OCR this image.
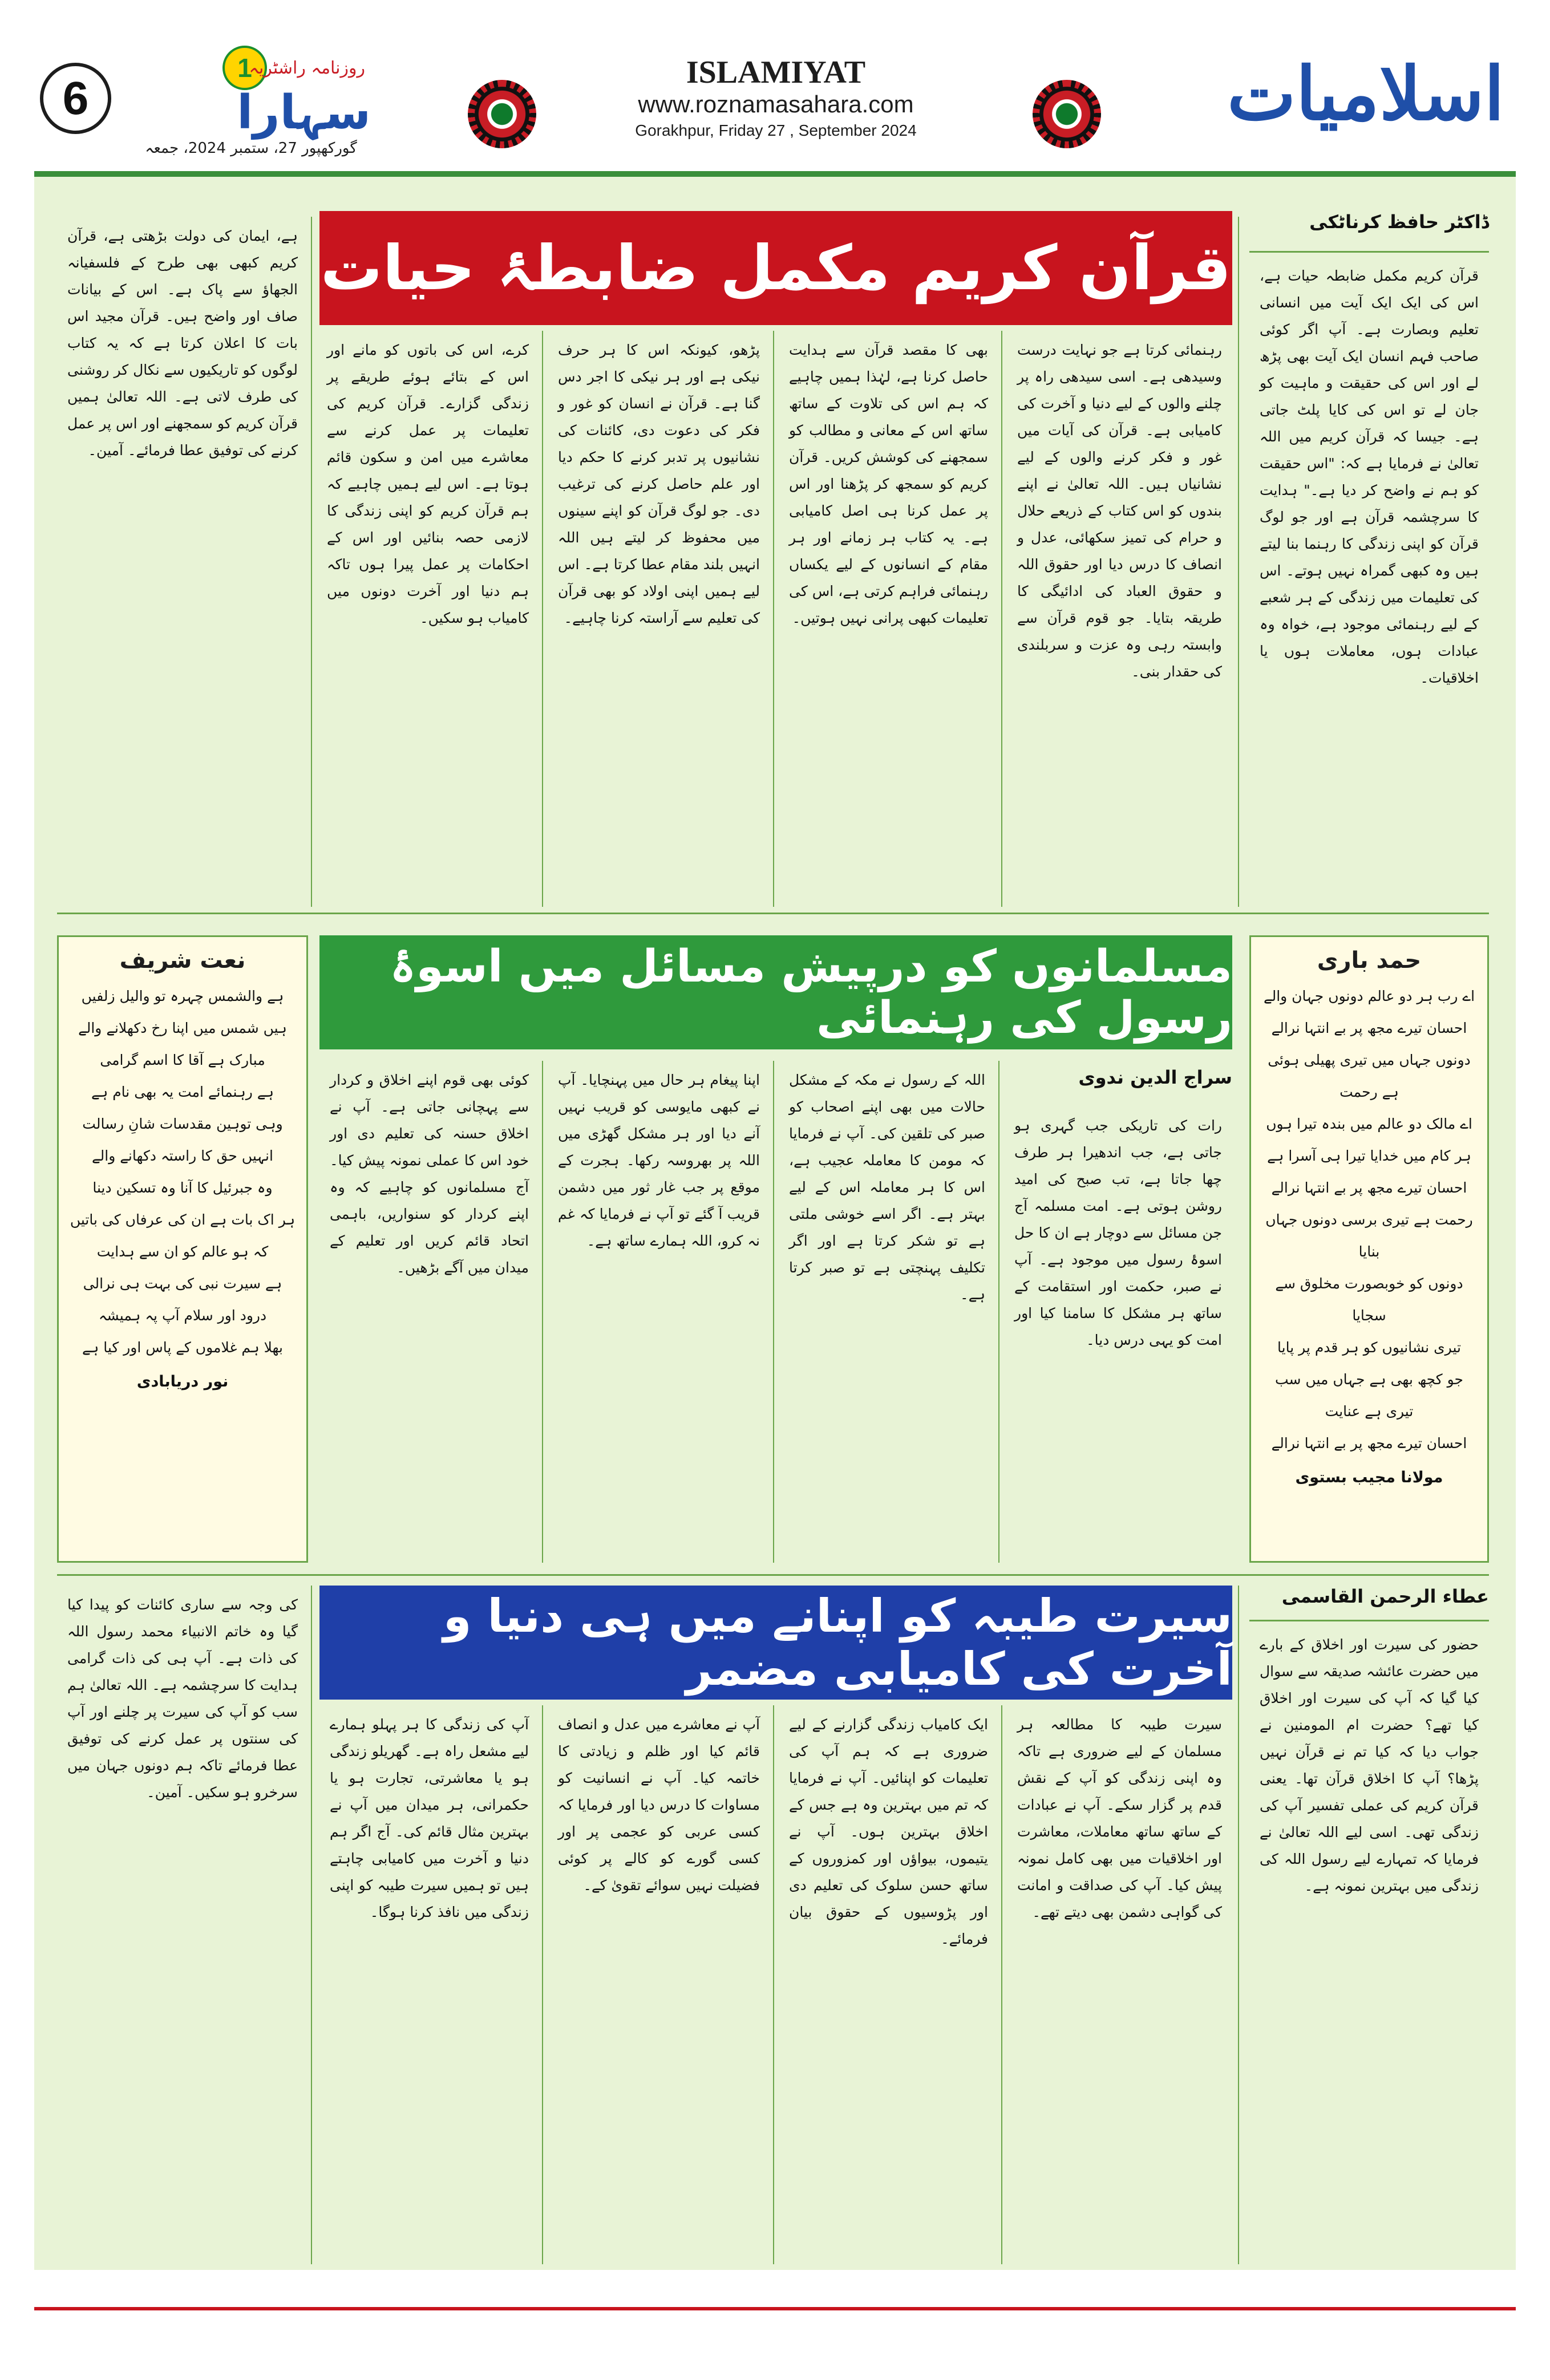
6
1
روزنامہ راشٹریہ
سہارا
گورکھپور 27، ستمبر 2024، جمعہ
ISLAMIYAT
www.roznamasahara.com
Gorakhpur, Friday 27 , September 2024	اسلامیات
ڈاکٹر حافظ کرناٹکی
قرآن کریم مکمل ضابطۂ حیات	قرآن کریم مکمل ضابطہ حیات ہے، اس کی ایک ایک آیت میں انسانی تعلیم وبصارت ہے۔ آپ اگر کوئی صاحب فہم انسان ایک آیت بھی پڑھ لے اور اس کی حقیقت و ماہیت کو جان لے تو اس کی کایا پلٹ جاتی ہے۔ جیسا کہ قرآن کریم میں اللہ تعالیٰ نے فرمایا ہے کہ: "اس حقیقت کو ہم نے واضح کر دیا ہے۔" ہدایت کا سرچشمہ قرآن ہے اور جو لوگ قرآن کو اپنی زندگی کا رہنما بنا لیتے ہیں وہ کبھی گمراہ نہیں ہوتے۔ اس کی تعلیمات میں زندگی کے ہر شعبے کے لیے رہنمائی موجود ہے، خواہ وہ عبادات ہوں، معاملات ہوں یا اخلاقیات۔
رہنمائی کرتا ہے جو نہایت درست وسیدھی ہے۔ اسی سیدھی راہ پر چلنے والوں کے لیے دنیا و آخرت کی کامیابی ہے۔ قرآن کی آیات میں غور و فکر کرنے والوں کے لیے نشانیاں ہیں۔ اللہ تعالیٰ نے اپنے بندوں کو اس کتاب کے ذریعے حلال و حرام کی تمیز سکھائی، عدل و انصاف کا درس دیا اور حقوق اللہ و حقوق العباد کی ادائیگی کا طریقہ بتایا۔ جو قوم قرآن سے وابستہ رہی وہ عزت و سربلندی کی حقدار بنی۔
بھی کا مقصد قرآن سے ہدایت حاصل کرنا ہے، لہٰذا ہمیں چاہیے کہ ہم اس کی تلاوت کے ساتھ ساتھ اس کے معانی و مطالب کو سمجھنے کی کوشش کریں۔ قرآن کریم کو سمجھ کر پڑھنا اور اس پر عمل کرنا ہی اصل کامیابی ہے۔ یہ کتاب ہر زمانے اور ہر مقام کے انسانوں کے لیے یکساں رہنمائی فراہم کرتی ہے، اس کی تعلیمات کبھی پرانی نہیں ہوتیں۔
پڑھو، کیونکہ اس کا ہر حرف نیکی ہے اور ہر نیکی کا اجر دس گنا ہے۔ قرآن نے انسان کو غور و فکر کی دعوت دی، کائنات کی نشانیوں پر تدبر کرنے کا حکم دیا اور علم حاصل کرنے کی ترغیب دی۔ جو لوگ قرآن کو اپنے سینوں میں محفوظ کر لیتے ہیں اللہ انہیں بلند مقام عطا کرتا ہے۔ اس لیے ہمیں اپنی اولاد کو بھی قرآن کی تعلیم سے آراستہ کرنا چاہیے۔
کرے، اس کی باتوں کو مانے اور اس کے بتائے ہوئے طریقے پر زندگی گزارے۔ قرآن کریم کی تعلیمات پر عمل کرنے سے معاشرے میں امن و سکون قائم ہوتا ہے۔ اس لیے ہمیں چاہیے کہ ہم قرآن کریم کو اپنی زندگی کا لازمی حصہ بنائیں اور اس کے احکامات پر عمل پیرا ہوں تاکہ ہم دنیا اور آخرت دونوں میں کامیاب ہو سکیں۔
ہے، ایمان کی دولت بڑھتی ہے، قرآن کریم کبھی بھی طرح کے فلسفیانہ الجھاؤ سے پاک ہے۔ اس کے بیانات صاف اور واضح ہیں۔ قرآن مجید اس بات کا اعلان کرتا ہے کہ یہ کتاب لوگوں کو تاریکیوں سے نکال کر روشنی کی طرف لاتی ہے۔ اللہ تعالیٰ ہمیں قرآن کریم کو سمجھنے اور اس پر عمل کرنے کی توفیق عطا فرمائے۔ آمین۔
حمد باری
اے رب ہر دو عالم دونوں جہان والے
احسان تیرے مجھ پر بے انتہا نرالے
دونوں جہاں میں تیری پھیلی ہوئی ہے رحمت
اے مالک دو عالم میں بندہ تیرا ہوں
ہر کام میں خدایا تیرا ہی آسرا ہے
احسان تیرے مجھ پر بے انتہا نرالے
رحمت ہے تیری برسی دونوں جہاں بنایا
دونوں کو خوبصورت مخلوق سے سجایا
تیری نشانیوں کو ہر قدم پر پایا
جو کچھ بھی ہے جہاں میں سب تیری ہے عنایت
احسان تیرے مجھ پر بے انتہا نرالے
مولانا مجیب بستوی
نعت شریف
ہے والشمس چہرہ تو والیل زلفیں
ہیں شمس میں اپنا رخ دکھلانے والے
مبارک ہے آقا کا اسم گرامی
ہے رہنمائے امت یہ بھی نام ہے
وہی توہین مقدسات شانِ رسالت
انہیں حق کا راستہ دکھانے والے
وہ جبرئیل کا آنا وہ تسکین دینا
ہر اک بات ہے ان کی عرفاں کی باتیں
کہ ہو عالم کو ان سے ہدایت
ہے سیرت نبی کی بہت ہی نرالی
درود اور سلام آپ پہ ہمیشہ
بھلا ہم غلاموں کے پاس اور کیا ہے
نور دریابادی
مسلمانوں کو درپیش مسائل میں اسوۂ رسول کی رہنمائی
سراج الدین ندوی
رات کی تاریکی جب گہری ہو جاتی ہے، جب اندھیرا ہر طرف چھا جاتا ہے، تب صبح کی امید روشن ہوتی ہے۔ امت مسلمہ آج جن مسائل سے دوچار ہے ان کا حل اسوۂ رسول میں موجود ہے۔ آپ نے صبر، حکمت اور استقامت کے ساتھ ہر مشکل کا سامنا کیا اور امت کو یہی درس دیا۔
اللہ کے رسول نے مکہ کے مشکل حالات میں بھی اپنے اصحاب کو صبر کی تلقین کی۔ آپ نے فرمایا کہ مومن کا معاملہ عجیب ہے، اس کا ہر معاملہ اس کے لیے بہتر ہے۔ اگر اسے خوشی ملتی ہے تو شکر کرتا ہے اور اگر تکلیف پہنچتی ہے تو صبر کرتا ہے۔
اپنا پیغام ہر حال میں پہنچایا۔ آپ نے کبھی مایوسی کو قریب نہیں آنے دیا اور ہر مشکل گھڑی میں اللہ پر بھروسہ رکھا۔ ہجرت کے موقع پر جب غار ثور میں دشمن قریب آ گئے تو آپ نے فرمایا کہ غم نہ کرو، اللہ ہمارے ساتھ ہے۔
کوئی بھی قوم اپنے اخلاق و کردار سے پہچانی جاتی ہے۔ آپ نے اخلاق حسنہ کی تعلیم دی اور خود اس کا عملی نمونہ پیش کیا۔ آج مسلمانوں کو چاہیے کہ وہ اپنے کردار کو سنواریں، باہمی اتحاد قائم کریں اور تعلیم کے میدان میں آگے بڑھیں۔
عطاء الرحمن القاسمی
سیرت طیبہ کو اپنانے میں ہی دنیا و آخرت کی کامیابی مضمر	حضور کی سیرت اور اخلاق کے بارے میں حضرت عائشہ صدیقہ سے سوال کیا گیا کہ آپ کی سیرت اور اخلاق کیا تھے؟ حضرت ام المومنین نے جواب دیا کہ کیا تم نے قرآن نہیں پڑھا؟ آپ کا اخلاق قرآن تھا۔ یعنی قرآن کریم کی عملی تفسیر آپ کی زندگی تھی۔ اسی لیے اللہ تعالیٰ نے فرمایا کہ تمہارے لیے رسول اللہ کی زندگی میں بہترین نمونہ ہے۔
سیرت طیبہ کا مطالعہ ہر مسلمان کے لیے ضروری ہے تاکہ وہ اپنی زندگی کو آپ کے نقش قدم پر گزار سکے۔ آپ نے عبادات کے ساتھ ساتھ معاملات، معاشرت اور اخلاقیات میں بھی کامل نمونہ پیش کیا۔ آپ کی صداقت و امانت کی گواہی دشمن بھی دیتے تھے۔
ایک کامیاب زندگی گزارنے کے لیے ضروری ہے کہ ہم آپ کی تعلیمات کو اپنائیں۔ آپ نے فرمایا کہ تم میں بہترین وہ ہے جس کے اخلاق بہترین ہوں۔ آپ نے یتیموں، بیواؤں اور کمزوروں کے ساتھ حسن سلوک کی تعلیم دی اور پڑوسیوں کے حقوق بیان فرمائے۔
آپ نے معاشرے میں عدل و انصاف قائم کیا اور ظلم و زیادتی کا خاتمہ کیا۔ آپ نے انسانیت کو مساوات کا درس دیا اور فرمایا کہ کسی عربی کو عجمی پر اور کسی گورے کو کالے پر کوئی فضیلت نہیں سوائے تقویٰ کے۔
آپ کی زندگی کا ہر پہلو ہمارے لیے مشعل راہ ہے۔ گھریلو زندگی ہو یا معاشرتی، تجارت ہو یا حکمرانی، ہر میدان میں آپ نے بہترین مثال قائم کی۔ آج اگر ہم دنیا و آخرت میں کامیابی چاہتے ہیں تو ہمیں سیرت طیبہ کو اپنی زندگی میں نافذ کرنا ہوگا۔
کی وجہ سے ساری کائنات کو پیدا کیا گیا وہ خاتم الانبیاء محمد رسول اللہ کی ذات ہے۔ آپ ہی کی ذات گرامی ہدایت کا سرچشمہ ہے۔ اللہ تعالیٰ ہم سب کو آپ کی سیرت پر چلنے اور آپ کی سنتوں پر عمل کرنے کی توفیق عطا فرمائے تاکہ ہم دونوں جہان میں سرخرو ہو سکیں۔ آمین۔
